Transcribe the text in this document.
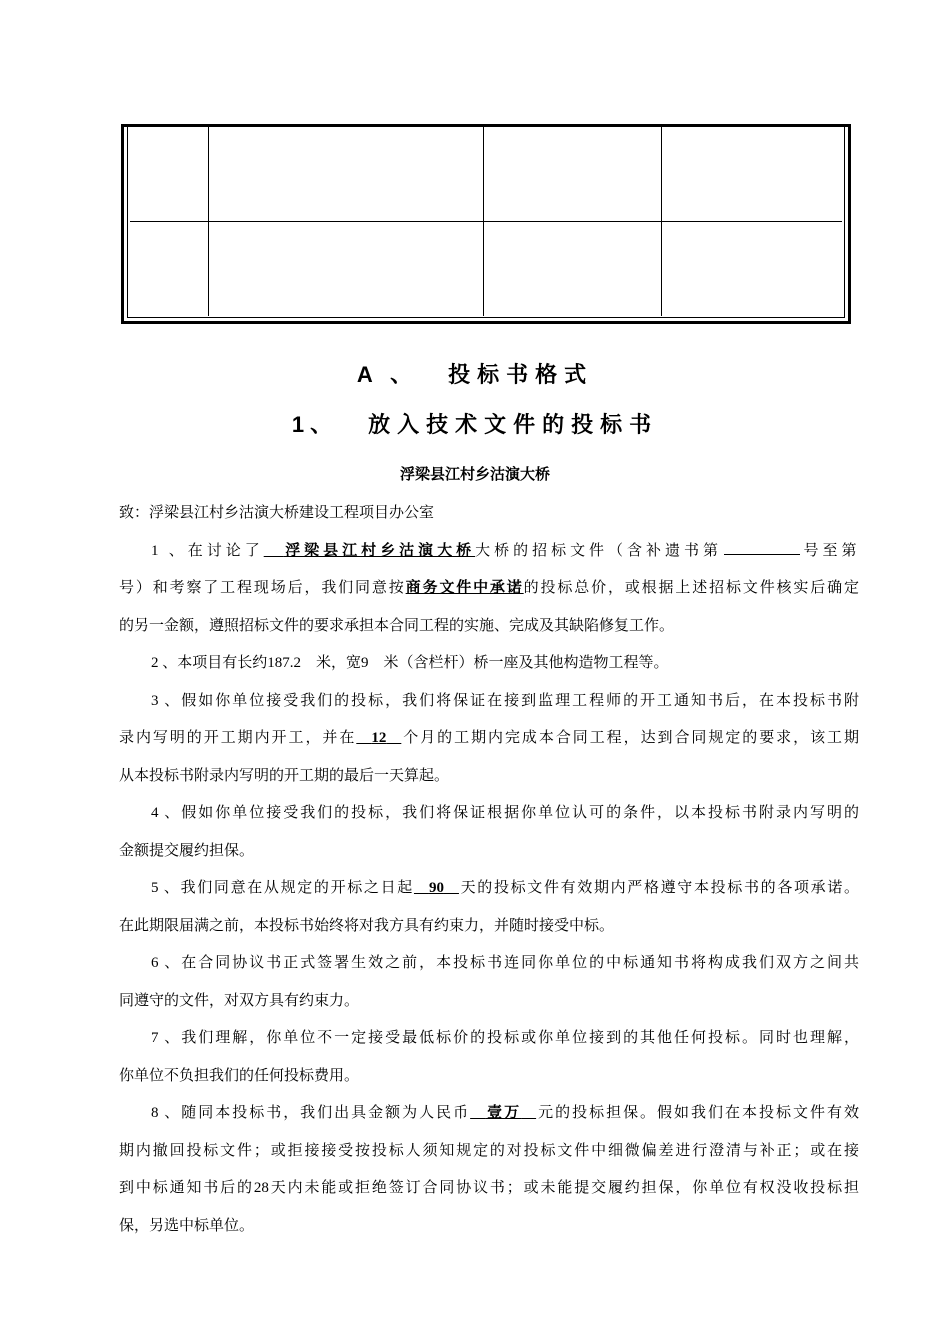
A 、 投标书格式
1、 放入技术文件的投标书
浮梁县江村乡沽演大桥

致：浮梁县江村乡沽演大桥建设工程项目办公室

1 、在讨论了   浮梁县江村乡沽演大桥大桥的招标文件（含补遗书第	号至第

号）和考察了工程现场后，我们同意按商务文件中承诺的投标总价，或根据上述招标文件核实后确定

的另一金额，遵照招标文件的要求承担本合同工程的实施、完成及其缺陷修复工作。

2 、本项目有长约187.2　米，宽9　米（含栏杆）桥一座及其他构造物工程等。

3 、假如你单位接受我们的投标，我们将保证在接到监理工程师的开工通知书后，在本投标书附

录内写明的开工期内开工，并在   12   个月的工期内完成本合同工程，达到合同规定的要求，该工期

从本投标书附录内写明的开工期的最后一天算起。

4 、假如你单位接受我们的投标，我们将保证根据你单位认可的条件，以本投标书附录内写明的

金额提交履约担保。

5 、我们同意在从规定的开标之日起   90   天的投标文件有效期内严格遵守本投标书的各项承诺。

在此期限届满之前，本投标书始终将对我方具有约束力，并随时接受中标。

6 、在合同协议书正式签署生效之前，本投标书连同你单位的中标通知书将构成我们双方之间共

同遵守的文件，对双方具有约束力。

7 、我们理解，你单位不一定接受最低标价的投标或你单位接到的其他任何投标。同时也理解，

你单位不负担我们的任何投标费用。

8 、随同本投标书，我们出具金额为人民币   壹万   元的投标担保。假如我们在本投标文件有效

期内撤回投标文件；或拒接接受按投标人须知规定的对投标文件中细微偏差进行澄清与补正；或在接

到中标通知书后的28天内未能或拒绝签订合同协议书；或未能提交履约担保，你单位有权没收投标担

保，另选中标单位。
